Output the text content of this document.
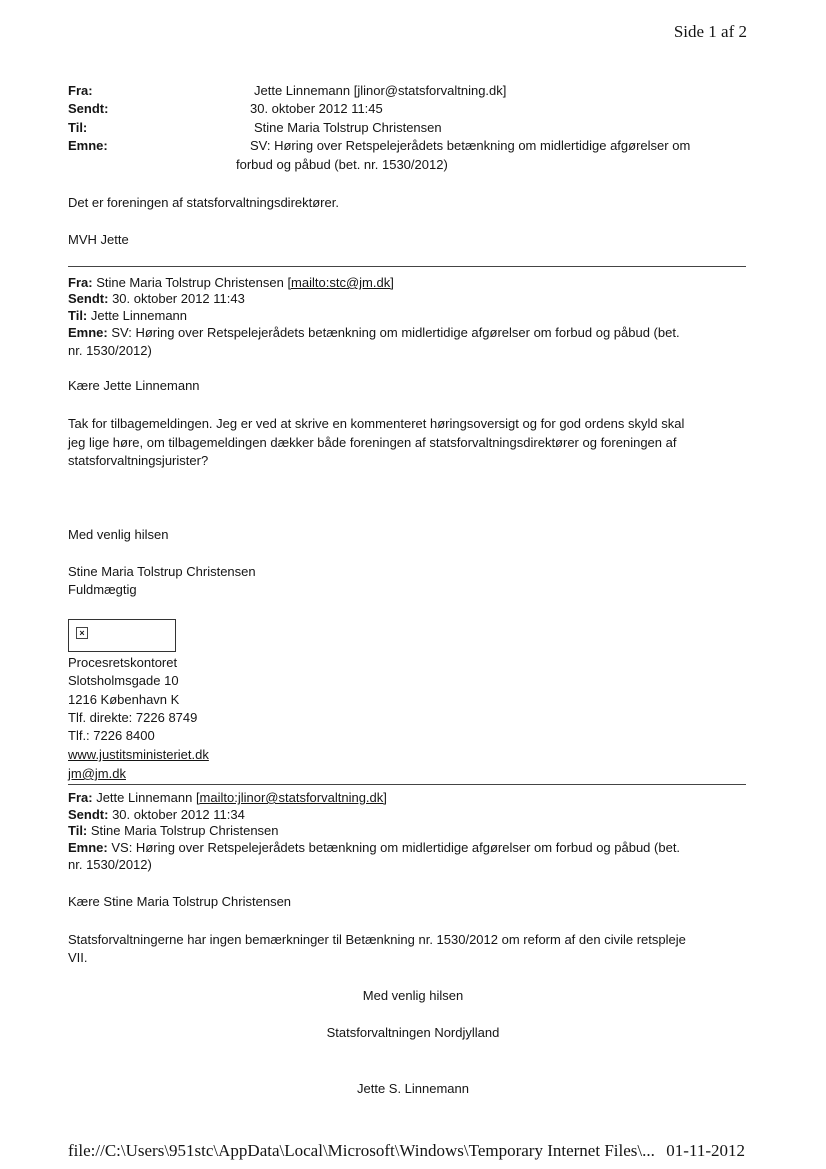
Side 1 af 2
Fra:	Jette Linnemann [jlinor@statsforvaltning.dk]
Sendt:	30. oktober 2012 11:45
Til:	Stine Maria Tolstrup Christensen
Emne:	SV: Høring over Retspelejerådets betænkning om midlertidige afgørelser om
forbud og påbud (bet. nr. 1530/2012)
Det er foreningen af statsforvaltningsdirektører.
MVH Jette
Fra: Stine Maria Tolstrup Christensen [mailto:stc@jm.dk]
Sendt: 30. oktober 2012 11:43
Til: Jette Linnemann
Emne: SV: Høring over Retspelejerådets betænkning om midlertidige afgørelser om forbud og påbud (bet.
nr. 1530/2012)
Kære Jette Linnemann
Tak for tilbagemeldingen. Jeg er ved at skrive en kommenteret høringsoversigt og for god ordens skyld skal
jeg lige høre, om tilbagemeldingen dækker både foreningen af statsforvaltningsdirektører og foreningen af
statsforvaltningsjurister?
Med venlig hilsen
Stine Maria Tolstrup Christensen
Fuldmægtig
×
Procesretskontoret
Slotsholmsgade 10
1216 København K
Tlf. direkte: 7226 8749
Tlf.: 7226 8400
www.justitsministeriet.dk
jm@jm.dk
Fra: Jette Linnemann [mailto:jlinor@statsforvaltning.dk]
Sendt: 30. oktober 2012 11:34
Til: Stine Maria Tolstrup Christensen
Emne: VS: Høring over Retspelejerådets betænkning om midlertidige afgørelser om forbud og påbud (bet.
nr. 1530/2012)
Kære Stine Maria Tolstrup Christensen
Statsforvaltningerne har ingen bemærkninger til Betænkning nr. 1530/2012 om reform af den civile retspleje
VII.
Med venlig hilsen
Statsforvaltningen Nordjylland
Jette S. Linnemann
file://C:\Users\951stc\AppData\Local\Microsoft\Windows\Temporary Internet Files\... 01-11-2012
